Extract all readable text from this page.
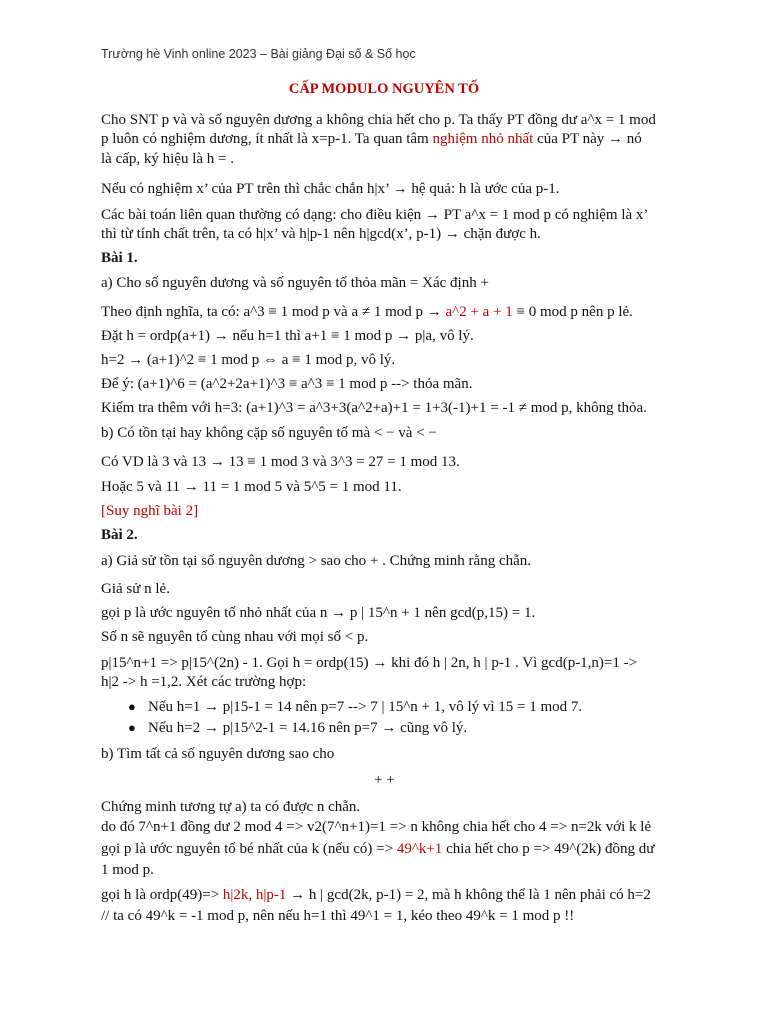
Trường hè Vinh online 2023 – Bài giảng Đại số & Số học
CẤP MODULO NGUYÊN TỐ
Cho SNT p và và số nguyên dương a không chia hết cho p. Ta thấy PT đồng dư a^x = 1 mod
p luôn có nghiệm dương, ít nhất là x=p-1. Ta quan tâm nghiệm nhỏ nhất của PT này → nó
là cấp, ký hiệu là h = .
Nếu có nghiệm x’ của PT trên thì chắc chắn h|x’ → hệ quả: h là ước của p-1.
Các bài toán liên quan thường có dạng: cho điều kiện → PT a^x = 1 mod p có nghiệm là x’
thì từ tính chất trên, ta có h|x’ và h|p-1 nên h|gcd(x’, p-1) → chặn được h.
Bài 1.
a) Cho số nguyên dương và số nguyên tố thỏa mãn = Xác định +
Theo định nghĩa, ta có: a^3 ≡ 1 mod p và a ≠ 1 mod p → a^2 + a + 1 ≡ 0 mod p nên p lẻ.
Đặt h = ordp(a+1) → nếu h=1 thì a+1 ≡ 1 mod p → p|a, vô lý.
h=2 → (a+1)^2 ≡ 1 mod p ⇔ a ≡ 1 mod p, vô lý.
Để ý: (a+1)^6 = (a^2+2a+1)^3 ≡ a^3 ≡ 1 mod p --> thỏa mãn.
Kiểm tra thêm với h=3: (a+1)^3 = a^3+3(a^2+a)+1 = 1+3(-1)+1 = -1 ≠ mod p, không thỏa.
b) Có tồn tại hay không cặp số nguyên tố mà < − và < −
Có VD là 3 và 13 → 13 ≡ 1 mod 3 và 3^3 = 27 = 1 mod 13.
Hoặc 5 và 11 → 11 = 1 mod 5 và 5^5 = 1 mod 11.
[Suy nghĩ bài 2]
Bài 2.
a) Giả sử tồn tại số nguyên dương > sao cho + . Chứng minh rằng chẵn.
Giả sử n lẻ.
gọi p là ước nguyên tố nhỏ nhất của n → p | 15^n + 1 nên gcd(p,15) = 1.
Số n sẽ nguyên tố cùng nhau với mọi số < p.
p|15^n+1 => p|15^(2n) - 1. Gọi h = ordp(15) → khi đó h | 2n, h | p-1 . Vì gcd(p-1,n)=1 ->
h|2 -> h =1,2. Xét các trường hợp:
● Nếu h=1 → p|15-1 = 14 nên p=7 --> 7 | 15^n + 1, vô lý vì 15 = 1 mod 7.
● Nếu h=2 → p|15^2-1 = 14.16 nên p=7 → cũng vô lý.
b) Tìm tất cả số nguyên dương sao cho
+ +
Chứng minh tương tự a) ta có được n chẵn.
do đó 7^n+1 đồng dư 2 mod 4 => v2(7^n+1)=1 => n không chia hết cho 4 => n=2k với k lẻ
gọi p là ước nguyên tố bé nhất của k (nếu có) => 49^k+1 chia hết cho p => 49^(2k) đồng dư
1 mod p.
gọi h là ordp(49)=> h|2k, h|p-1 → h | gcd(2k, p-1) = 2, mà h không thể là 1 nên phải có h=2
// ta có 49^k = -1 mod p, nên nếu h=1 thì 49^1 = 1, kéo theo 49^k = 1 mod p !!
